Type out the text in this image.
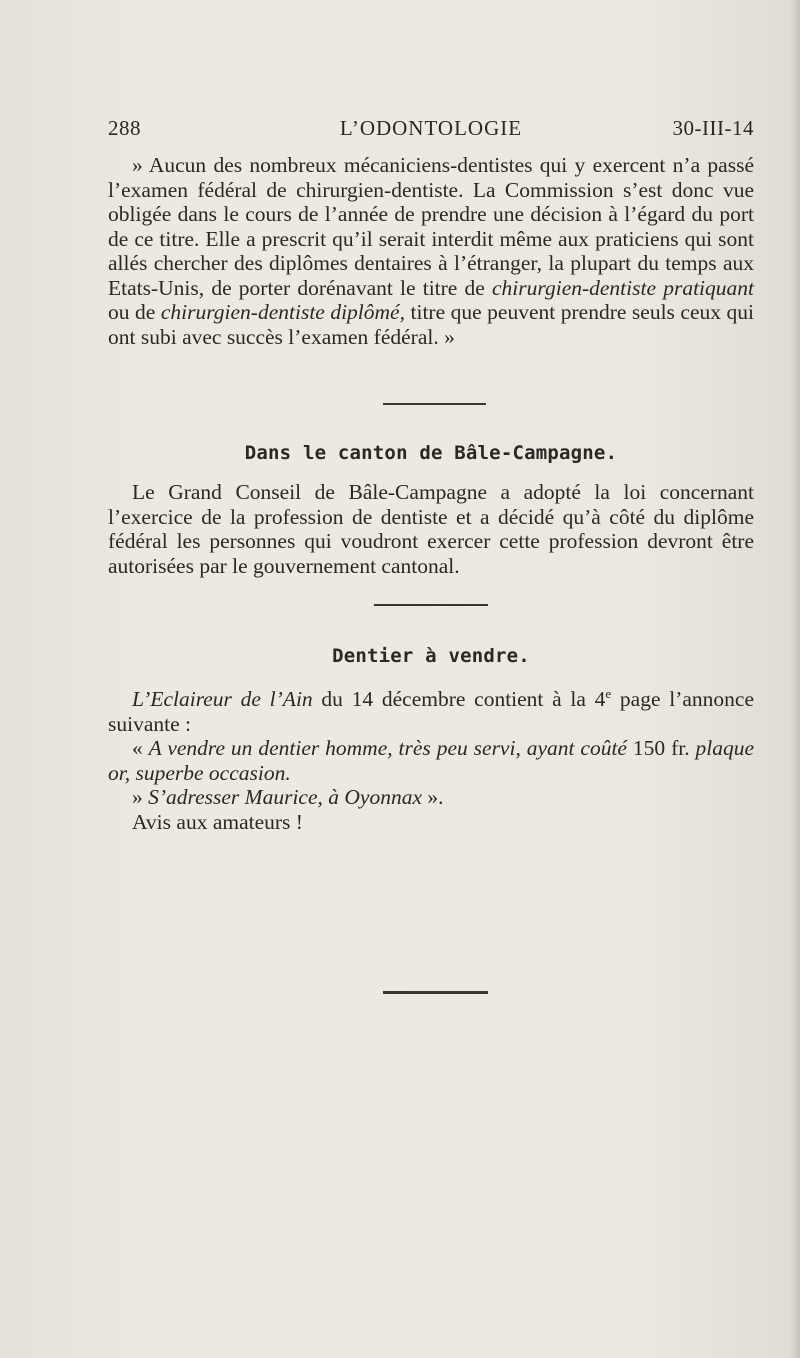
288	L’ODONTOLOGIE	30-III-14

» Aucun des nombreux mécaniciens-dentistes qui y exercent n’a passé l’examen fédéral de chirurgien-dentiste. La Commission s’est donc vue obligée dans le cours de l’année de prendre une décision à l’égard du port de ce titre. Elle a prescrit qu’il serait interdit même aux praticiens qui sont allés chercher des diplômes dentaires à l’étranger, la plupart du temps aux Etats-Unis, de porter dorénavant le titre de chirurgien-dentiste pratiquant ou de chirurgien-dentiste diplômé, titre que peuvent prendre seuls ceux qui ont subi avec succès l’examen fédéral. »

Dans le canton de Bâle-Campagne.

Le Grand Conseil de Bâle-Campagne a adopté la loi concernant l’exercice de la profession de dentiste et a décidé qu’à côté du diplôme fédéral les personnes qui voudront exercer cette profession devront être autorisées par le gouvernement cantonal.

Dentier à vendre.

L’Eclaireur de l’Ain du 14 décembre contient à la 4e page l’annonce suivante :

« A vendre un dentier homme, très peu servi, ayant coûté 150 fr. plaque or, superbe occasion.

» S’adresser Maurice, à Oyonnax ».

Avis aux amateurs !
